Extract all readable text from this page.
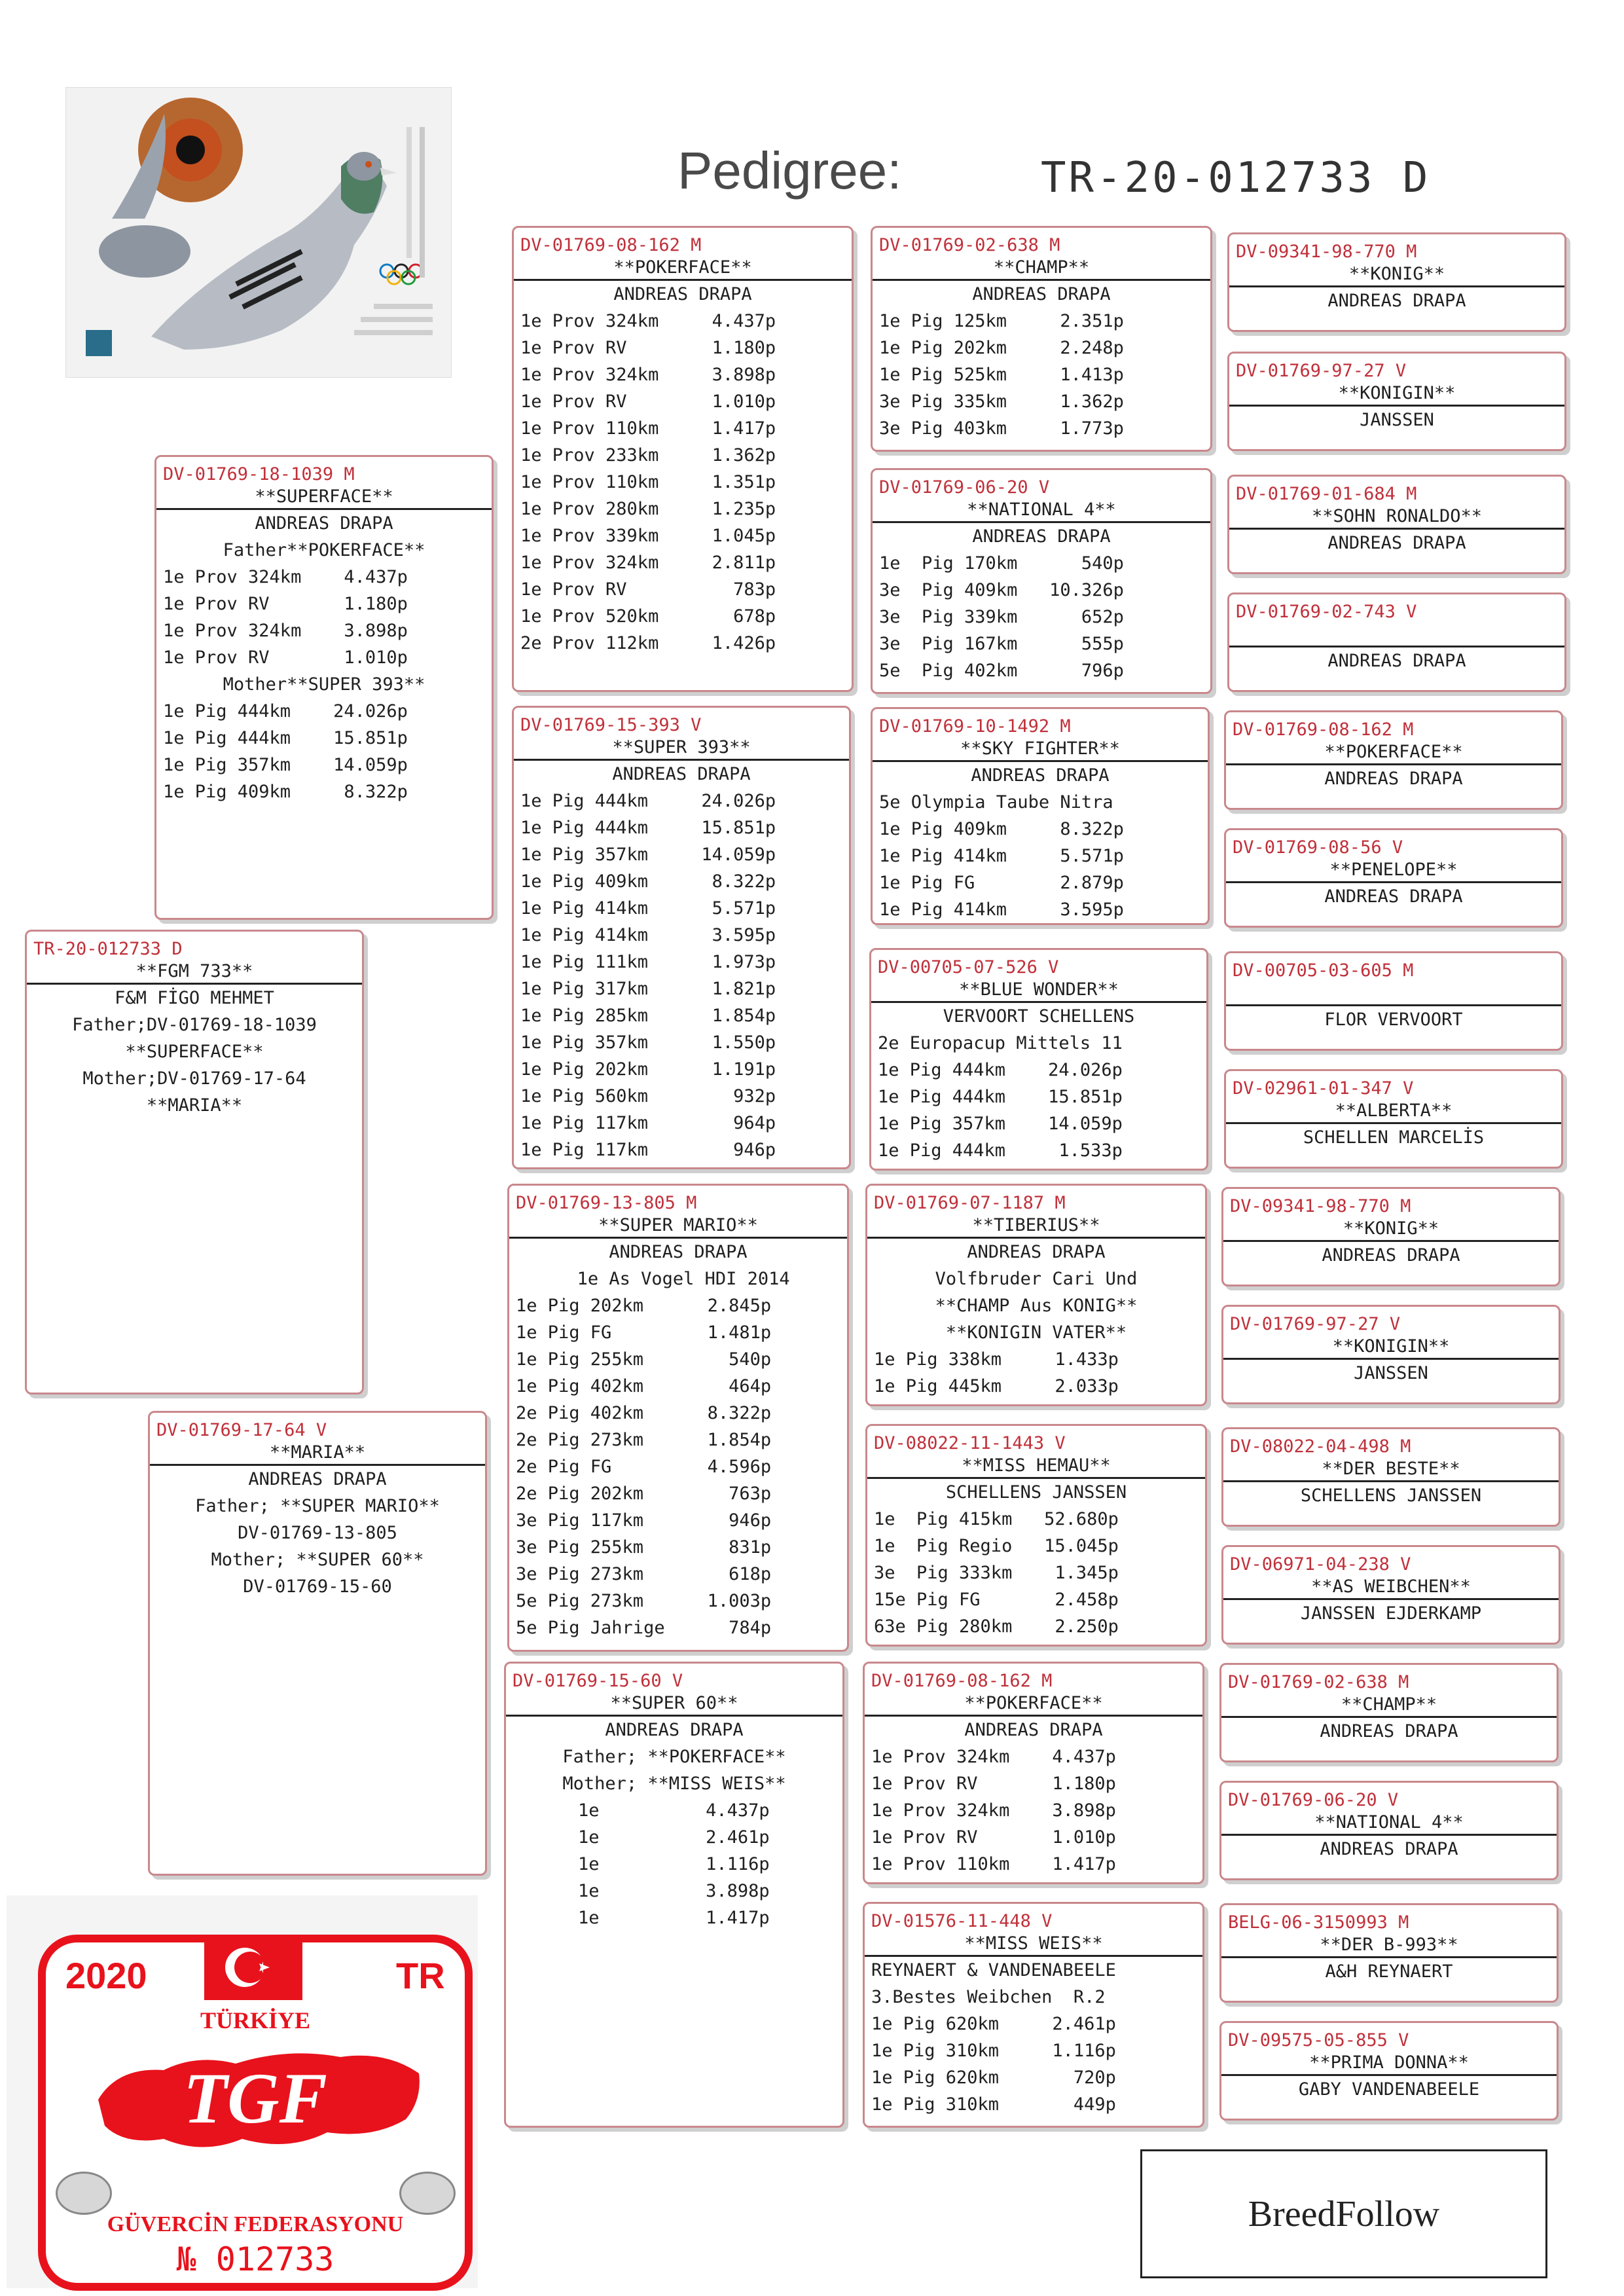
Pedigree:	TR-20-012733 D
TR-20-012733 D
**FGM 733**
F&M FİGO MEHMET
Father;DV-01769-18-1039
**SUPERFACE**
Mother;DV-01769-17-64
**MARIA**
DV-01769-18-1039 M
**SUPERFACE**
ANDREAS DRAPA
Father**POKERFACE**
1e Prov 324km    4.437p
1e Prov RV       1.180p
1e Prov 324km    3.898p
1e Prov RV       1.010p
Mother**SUPER 393**
1e Pig 444km    24.026p
1e Pig 444km    15.851p
1e Pig 357km    14.059p
1e Pig 409km     8.322p
DV-01769-17-64 V
**MARIA**
ANDREAS DRAPA
Father; **SUPER MARIO**
DV-01769-13-805
Mother; **SUPER 60**
DV-01769-15-60
DV-01769-08-162 M
**POKERFACE**
ANDREAS DRAPA
1e Prov 324km     4.437p
1e Prov RV        1.180p
1e Prov 324km     3.898p
1e Prov RV        1.010p
1e Prov 110km     1.417p
1e Prov 233km     1.362p
1e Prov 110km     1.351p
1e Prov 280km     1.235p
1e Prov 339km     1.045p
1e Prov 324km     2.811p
1e Prov RV          783p
1e Prov 520km       678p
2e Prov 112km     1.426p
DV-01769-15-393 V
**SUPER 393**
ANDREAS DRAPA
1e Pig 444km     24.026p
1e Pig 444km     15.851p
1e Pig 357km     14.059p
1e Pig 409km      8.322p
1e Pig 414km      5.571p
1e Pig 414km      3.595p
1e Pig 111km      1.973p
1e Pig 317km      1.821p
1e Pig 285km      1.854p
1e Pig 357km      1.550p
1e Pig 202km      1.191p
1e Pig 560km        932p
1e Pig 117km        964p
1e Pig 117km        946p
DV-01769-13-805 M
**SUPER MARIO**
ANDREAS DRAPA
1e As Vogel HDI 2014
1e Pig 202km      2.845p
1e Pig FG         1.481p
1e Pig 255km        540p
1e Pig 402km        464p
2e Pig 402km      8.322p
2e Pig 273km      1.854p
2e Pig FG         4.596p
2e Pig 202km        763p
3e Pig 117km        946p
3e Pig 255km        831p
3e Pig 273km        618p
5e Pig 273km      1.003p
5e Pig Jahrige      784p
DV-01769-15-60 V
**SUPER 60**
ANDREAS DRAPA
Father; **POKERFACE**
Mother; **MISS WEIS**
1e          4.437p
1e          2.461p
1e          1.116p
1e          3.898p
1e          1.417p
DV-01769-02-638 M
**CHAMP**
ANDREAS DRAPA
1e Pig 125km     2.351p
1e Pig 202km     2.248p
1e Pig 525km     1.413p
3e Pig 335km     1.362p
3e Pig 403km     1.773p
DV-01769-06-20 V
**NATIONAL 4**
ANDREAS DRAPA
1e  Pig 170km      540p
3e  Pig 409km   10.326p
3e  Pig 339km      652p
3e  Pig 167km      555p
5e  Pig 402km      796p
DV-01769-10-1492 M
**SKY FIGHTER**
ANDREAS DRAPA
5e Olympia Taube Nitra
1e Pig 409km     8.322p
1e Pig 414km     5.571p
1e Pig FG        2.879p
1e Pig 414km     3.595p
DV-00705-07-526 V
**BLUE WONDER**
VERVOORT SCHELLENS
2e Europacup Mittels 11
1e Pig 444km    24.026p
1e Pig 444km    15.851p
1e Pig 357km    14.059p
1e Pig 444km     1.533p
DV-01769-07-1187 M
**TIBERIUS**
ANDREAS DRAPA
Volfbruder Cari Und
**CHAMP Aus KONIG**
**KONIGIN VATER**
1e Pig 338km     1.433p
1e Pig 445km     2.033p
DV-08022-11-1443 V
**MISS HEMAU**
SCHELLENS JANSSEN
1e  Pig 415km   52.680p
1e  Pig Regio   15.045p
3e  Pig 333km    1.345p
15e Pig FG       2.458p
63e Pig 280km    2.250p
DV-01769-08-162 M
**POKERFACE**
ANDREAS DRAPA
1e Prov 324km    4.437p
1e Prov RV       1.180p
1e Prov 324km    3.898p
1e Prov RV       1.010p
1e Prov 110km    1.417p
DV-01576-11-448 V
**MISS WEIS**
REYNAERT & VANDENABEELE
3.Bestes Weibchen  R.2
1e Pig 620km     2.461p
1e Pig 310km     1.116p
1e Pig 620km       720p
1e Pig 310km       449p
DV-09341-98-770 M
**KONIG**
ANDREAS DRAPA
DV-01769-97-27 V
**KONIGIN**
JANSSEN
DV-01769-01-684 M
**SOHN RONALDO**
ANDREAS DRAPA
DV-01769-02-743 V
ANDREAS DRAPA
DV-01769-08-162 M
**POKERFACE**
ANDREAS DRAPA
DV-01769-08-56 V
**PENELOPE**
ANDREAS DRAPA
DV-00705-03-605 M
FLOR VERVOORT
DV-02961-01-347 V
**ALBERTA**
SCHELLEN MARCELİS
DV-09341-98-770 M
**KONIG**
ANDREAS DRAPA
DV-01769-97-27 V
**KONIGIN**
JANSSEN
DV-08022-04-498 M
**DER BESTE**
SCHELLENS JANSSEN
DV-06971-04-238 V
**AS WEIBCHEN**
JANSSEN EJDERKAMP
DV-01769-02-638 M
**CHAMP**
ANDREAS DRAPA
DV-01769-06-20 V
**NATIONAL 4**
ANDREAS DRAPA
BELG-06-3150993 M
**DER B-993**
A&H REYNAERT
DV-09575-05-855 V
**PRIMA DONNA**
GABY VANDENABEELE
2020	TR
TÜRKİYE
TGF
GÜVERCİN FEDERASYONU
№ 012733
BreedFollow
